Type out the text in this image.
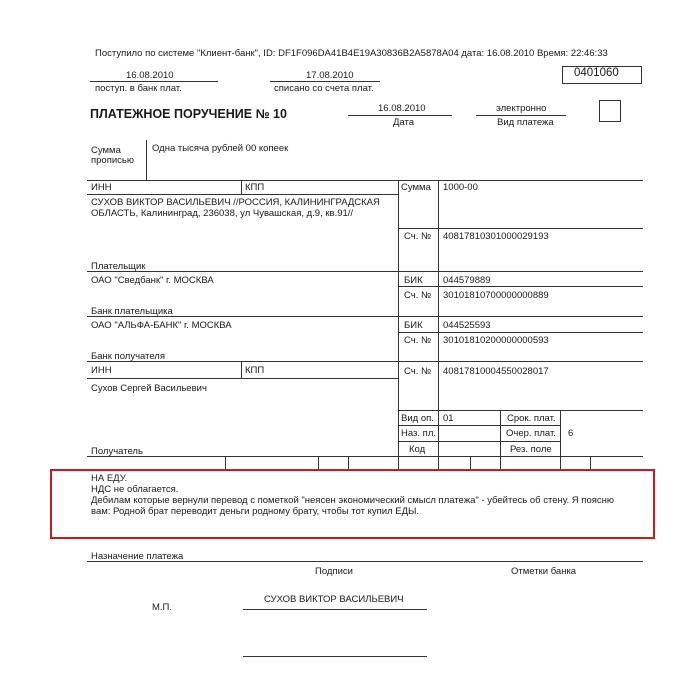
Поступило по системе "Клиент-банк", ID: DF1F096DA41B4E19A30836B2A5878A04 дата: 16.08.2010 Время: 22:46:33
16.08.2010
поступ. в банк плат.
17.08.2010
списано со счета плат.
0401060
ПЛАТЕЖНОЕ ПОРУЧЕНИЕ № 10	16.08.2010
Дата
электронно
Вид платежа
Сумма
прописью
Одна тысяча рублей 00 копеек
ИНН	КПП
СУХОВ ВИКТОР ВАСИЛЬЕВИЧ //РОССИЯ, КАЛИНИНГРАДСКАЯ
ОБЛАСТЬ, Калининград, 236038, ул Чувашская, д.9, кв.91//
Плательщик
Сумма 1000-00
Сч. № 40817810301000029193
ОАО "Сведбанк" г. МОСКВА
Банк плательщика
БИК 044579889
Сч. № 30101810700000000889
ОАО "АЛЬФА-БАНК" г. МОСКВА
Банк получателя
БИК 044525593
Сч. № 30101810200000000593
ИНН	КПП
Сухов Сергей Васильевич
Получатель
Сч. № 40817810004550028017
Вид оп. 01
Наз. пл.
Код
Срок. плат.
Очер. плат. 6
Рез. поле
НА ЕДУ.
НДС не облагается.
Дебилам которые вернули перевод с пометкой "неясен экономический смысл платежа" - убейтесь об стену. Я поясню
вам: Родной брат переводит деньги родному брату, чтобы тот купил ЕДЫ.
Назначение платежа
Подписи	Отметки банка
М.П.
СУХОВ ВИКТОР ВАСИЛЬЕВИЧ
